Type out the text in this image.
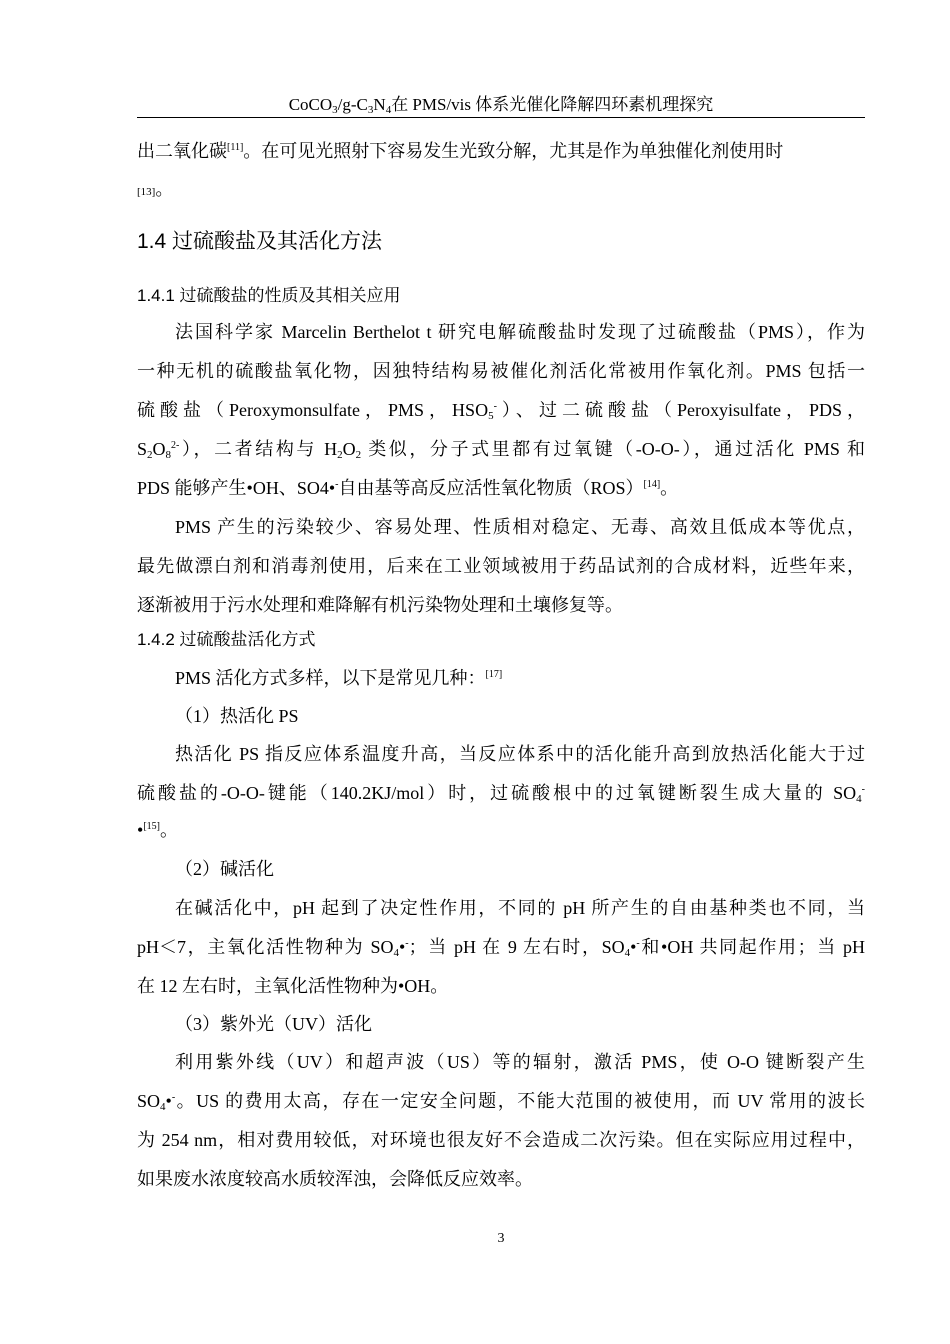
$CoCO_3/g-C_3N_4$在 PMS/vis 体系光催化降解四环素机理探究
出二氧化碳[11]。在可见光照射下容易发生光致分解，尤其是作为单独催化剂使用时
[13]。
1.4 过硫酸盐及其活化方法
1.4.1 过硫酸盐的性质及其相关应用
法国科学家 Marcelin Berthelot t 研究电解硫酸盐时发现了过硫酸盐（PMS），作为
一种无机的硫酸盐氧化物，因独特结构易被催化剂活化常被用作氧化剂。PMS 包括一
硫酸盐（Peroxymonsulfate，PMS，$HSO_5^-$）、过二硫酸盐（Peroxyisulfate，PDS，
$S_2O_8^{2-}$），二者结构与 $H_2O_2$ 类似，分子式里都有过氧键（-O-O-），通过活化 PMS 和
PDS 能够产生•OH、SO4•-自由基等高反应活性氧化物质（ROS）[14]。
PMS 产生的污染较少、容易处理、性质相对稳定、无毒、高效且低成本等优点，
最先做漂白剂和消毒剂使用，后来在工业领域被用于药品试剂的合成材料，近些年来，
逐渐被用于污水处理和难降解有机污染物处理和土壤修复等。
1.4.2 过硫酸盐活化方式
PMS 活化方式多样，以下是常见几种：[17]
（1）热活化 PS
热活化 PS 指反应体系温度升高，当反应体系中的活化能升高到放热活化能大于过
硫酸盐的-O-O-键能（140.2KJ/mol）时，过硫酸根中的过氧键断裂生成大量的 $SO_4^-$
•[15]。
（2）碱活化
在碱活化中，pH 起到了决定性作用，不同的 pH 所产生的自由基种类也不同，当
pH＜7，主氧化活性物种为 $SO_4•^-$；当 pH 在 9 左右时，$SO_4•^-$和•OH 共同起作用；当 pH
在 12 左右时，主氧化活性物种为•OH。
（3）紫外光（UV）活化
利用紫外线（UV）和超声波（US）等的辐射，激活 PMS，使 O-O 键断裂产生
$SO_4•^-$。US 的费用太高，存在一定安全问题，不能大范围的被使用，而 UV 常用的波长
为 254 nm，相对费用较低，对环境也很友好不会造成二次污染。但在实际应用过程中，
如果废水浓度较高水质较浑浊，会降低反应效率。
3
